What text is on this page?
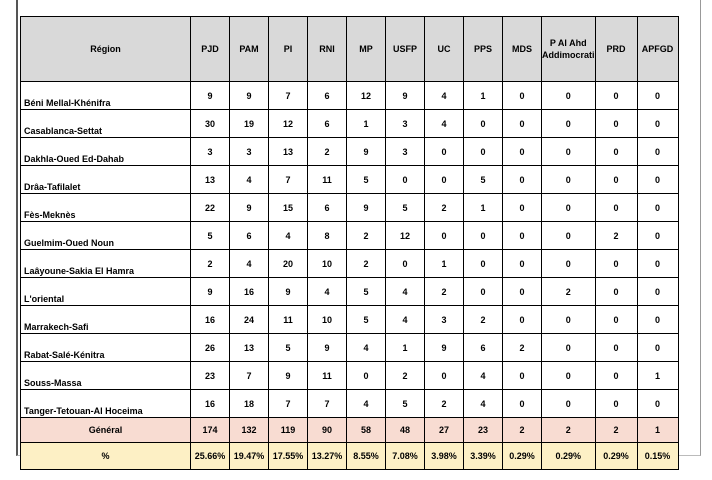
Région	PJD	PAM	PI	RNI	MP	USFP	UC	PPS	MDS	P Al Ahd Addimocrati	PRD	APFGD
Béni Mellal-Khénifra	9	9	7	6	12	9	4	1	0	0	0	0
Casablanca-Settat	30	19	12	6	1	3	4	0	0	0	0	0
Dakhla-Oued Ed-Dahab	3	3	13	2	9	3	0	0	0	0	0	0
Drâa-Tafilalet	13	4	7	11	5	0	0	5	0	0	0	0
Fès-Meknès	22	9	15	6	9	5	2	1	0	0	0	0
Guelmim-Oued Noun	5	6	4	8	2	12	0	0	0	0	2	0
Laâyoune-Sakia El Hamra	2	4	20	10	2	0	1	0	0	0	0	0
L'oriental	9	16	9	4	5	4	2	0	0	2	0	0
Marrakech-Safi	16	24	11	10	5	4	3	2	0	0	0	0
Rabat-Salé-Kénitra	26	13	5	9	4	1	9	6	2	0	0	0
Souss-Massa	23	7	9	11	0	2	0	4	0	0	0	1
Tanger-Tetouan-Al Hoceima	16	18	7	7	4	5	2	4	0	0	0	0
Général	174	132	119	90	58	48	27	23	2	2	2	1
%	25.66%	19.47%	17.55%	13.27%	8.55%	7.08%	3.98%	3.39%	0.29%	0.29%	0.29%	0.15%
